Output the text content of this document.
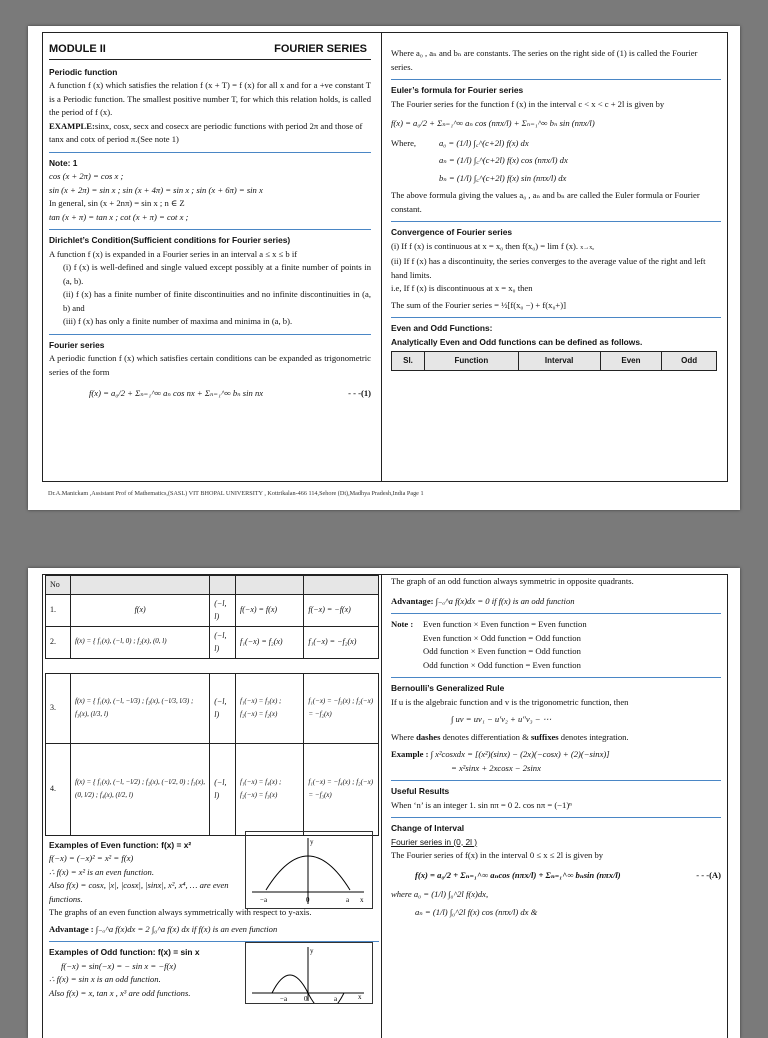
MODULE II	FOURIER SERIES
Periodic function
A function f (x) which satisfies the relation f (x + T) = f (x) for all x and for a +ve constant T is a Periodic function. The smallest positive number T, for which this relation holds, is called the period of f (x).
EXAMPLE:sinx, cosx, secx and cosecx are periodic functions with period 2π and those of tanx and cotx of period π.(See note 1)
Note: 1
cos (x + 2π) = cos x ;
sin (x + 2π) = sin x ; sin (x + 4π) = sin x ; sin (x + 6π) = sin x
In general, sin (x + 2nπ) = sin x ; n ∈ Z
tan (x + π) = tan x ; cot (x + π) = cot x ;
Dirichlet’s Condition(Sufficient conditions for Fourier series)
A function f (x) is expanded in a Fourier series in an interval a ≤ x ≤ b if
(i) f (x) is well-defined and single valued except possibly at a finite number of points in (a, b).
(ii) f (x) has a finite number of finite discontinuities and no infinite discontinuities in (a, b) and
(iii) f (x) has only a finite number of maxima and minima in (a, b).
Fourier series
A periodic function f (x) which satisfies certain conditions can be expanded as trigonometric series of the form
f(x) = a₀/2 + Σₙ₌₁^∞ aₙ cos nx + Σₙ₌₁^∞ bₙ sin nx	- - -(1)
Where a₀ , aₙ and bₙ are constants. The series on the right side of (1) is called the Fourier series.
Euler’s formula for Fourier series
The Fourier series for the function f (x) in the interval c < x < c + 2l is given by
f(x) = a₀/2 + Σₙ₌₁^∞ aₙ cos (nπx/l) + Σₙ₌₁^∞ bₙ sin (nπx/l)
Where,	a₀ = (1/l) ∫꜀^(c+2l) f(x) dx
aₙ = (1/l) ∫꜀^(c+2l) f(x) cos (nπx/l) dx
bₙ = (1/l) ∫꜀^(c+2l) f(x) sin (nπx/l) dx
The above formula giving the values a₀ , aₙ and bₙ are called the Euler formula or Fourier constant.
Convergence of Fourier series
(i) If f (x) is continuous at x = x₀ then f(x₀) = lim f (x). x→x₀
(ii) If f (x) has a discontinuity, the series converges to the average value of the right and left hand limits.
i.e, If f (x) is discontinuous at x = x₀ then
The sum of the Fourier series = ½[f(x₀ −) + f(x₀+)]
Even and Odd Functions:
Analytically Even and Odd functions can be defined as follows.
Sl.	Function	Interval	Even	Odd
Dr.A.Manickam ,Assistant Prof of Mathematics,(SASL) VIT BHOPAL UNIVERSITY , Kottrikalan-466 114,Sehore (Dt),Madhya Pradesh,India Page 1
No				
1.	f(x)	(−l, l)	f(−x) = f(x)	f(−x) = −f(x)
2.	f(x) = { f₁(x), (−l, 0) ; f₂(x), (0, l)	(−l, l)	f₁(−x) = f₂(x)	f₁(−x) = −f₂(x)

3.	f(x) = { f₁(x), (−l, −l/3) ; f₂(x), (−l/3, l/3) ; f₃(x), (l/3, l)	(−l, l)	f₁(−x) = f₃(x) ; f₂(−x) = f₂(x)	f₁(−x) = −f₃(x) ; f₂(−x) = −f₂(x)
4.	f(x) = { f₁(x), (−l, −l/2) ; f₂(x), (−l/2, 0) ; f₃(x), (0, l/2) ; f₄(x), (l/2, l)	(−l, l)	f₁(−x) = f₄(x) ; f₂(−x) = f₃(x)	f₁(−x) = −f₄(x) ; f₂(−x) = −f₃(x)
Examples of Even function: f(x) = x²
f(−x) = (−x)² = x² = f(x)
∴ f(x) = x² is an even function.
Also f(x) = cosx, |x|, |cosx|, |sinx|, x², x⁴, … are even functions.
The graphs of an even function always symmetrically with respect to y-axis.
Advantage : ∫₋ₐ^a f(x)dx = 2 ∫₀^a f(x) dx if f(x) is an even function
y
x
−a	0	a
Examples of Odd function: f(x) = sin x
f(−x) = sin(−x) = − sin x = −f(x)
∴ f(x) = sin x is an odd function.
Also f(x) = x, tan x , x³ are odd functions.
y
x
−a 0	a
The graph of an odd function always symmetric in opposite quadrants.
Advantage: ∫₋ₐ^a f(x)dx = 0 if f(x) is an odd function
Note :	Even function × Even function = Even function
Even function × Odd function = Odd function
Odd function × Even function = Odd function
Odd function × Odd function = Even function
Bernoulli’s Generalized Rule
If u is the algebraic function and v is the trigonometric function, then
∫ uv = uv₁ − u′v₂ + u″v₃ − ⋯
Where dashes denotes differentiation & suffixes denotes integration.
Example : ∫ x²cosxdx = [(x²)(sinx) − (2x)(−cosx) + (2)(−sinx)]
= x²sinx + 2xcosx − 2sinx
Useful Results
When ‘n’ is an integer 1. sin nπ = 0 2. cos nπ = (−1)ⁿ
Change of Interval
Fourier series in (0, 2l )
The Fourier series of f(x) in the interval 0 ≤ x ≤ 2l is given by
f(x) = a₀/2 + Σₙ₌₁^∞ aₙcos (nπx/l) + Σₙ₌₁^∞ bₙsin (nπx/l)	- - -(A)
where a₀ = (1/l) ∫₀^2l f(x)dx,
aₙ = (1/l) ∫₀^2l f(x) cos (nπx/l) dx &
